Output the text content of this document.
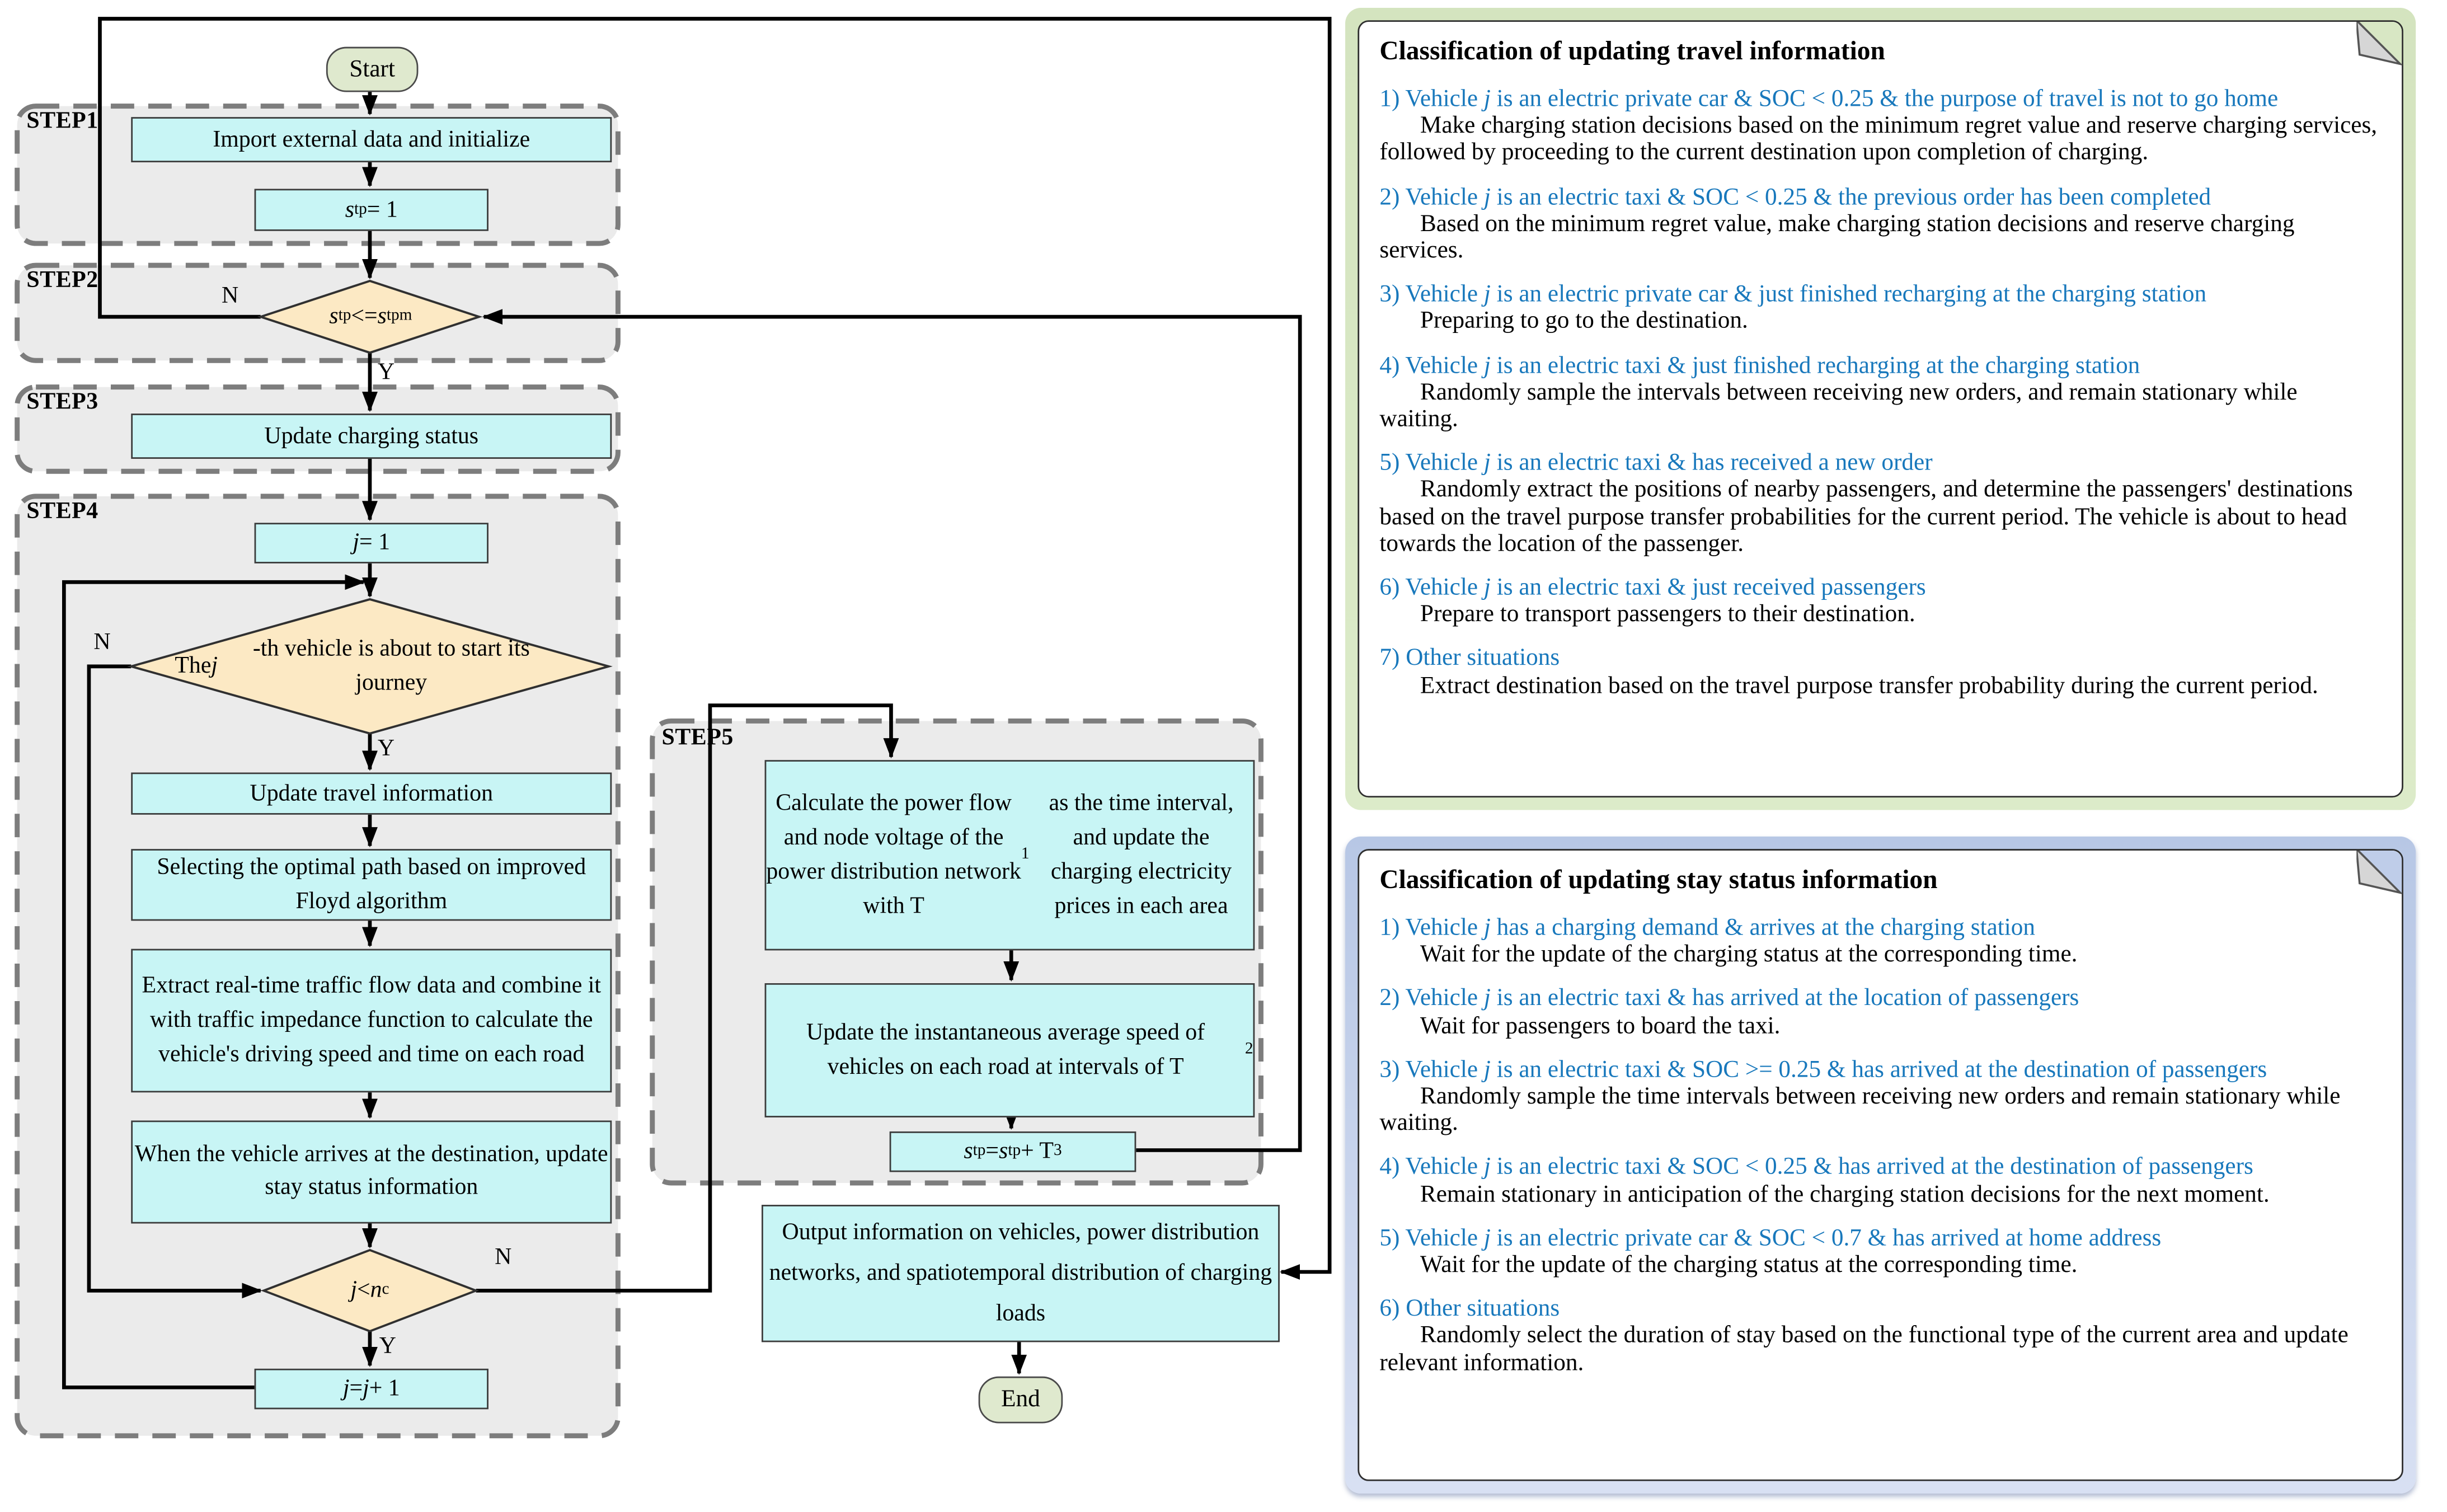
STEP1
STEP2
STEP3
STEP4
STEP5
Start
Import external data and initialize
s tp = 1
s tp <= s tpm
Update charging status
j = 1
The j
-th vehicle is about to start its journey
Update travel information
Selecting the optimal path based on improved Floyd algorithm
Extract real-time traffic flow data and combine it with traffic impedance function to calculate the vehicle's driving speed and time on each road
When the vehicle arrives at the destination, update stay status information
j < n c
j = j + 1
Calculate the power flow and node voltage of the power distribution network with T
1
as the time interval, and update the charging electricity prices in each area
Update the instantaneous average speed of vehicles on each road at intervals of T
2
s tp = s tp + T 3
Output information on vehicles, power distribution networks, and spatiotemporal distribution of charging loads
End
N
Y
N
Y
N
Y
Classification of updating travel information
1) Vehicle j is an electric private car & SOC < 0.25 & the purpose of travel is not to go home
Make charging station decisions based on the minimum regret value and reserve charging services, followed by proceeding to the current destination upon completion of charging.
2) Vehicle j is an electric taxi & SOC < 0.25 & the previous order has been completed
Based on the minimum regret value, make charging station decisions and reserve charging services.
3) Vehicle j is an electric private car & just finished recharging at the charging station
Preparing to go to the destination.
4) Vehicle j is an electric taxi & just finished recharging at the charging station
Randomly sample the intervals between receiving new orders, and remain stationary while waiting.
5) Vehicle j is an electric taxi & has received a new order
Randomly extract the positions of nearby passengers, and determine the passengers' destinations based on the travel purpose transfer probabilities for the current period. The vehicle is about to head towards the location of the passenger.
6) Vehicle j is an electric taxi & just received passengers
Prepare to transport passengers to their destination.
7) Other situations
Extract destination based on the travel purpose transfer probability during the current period.
Classification of updating stay status information
1) Vehicle j has a charging demand & arrives at the charging station
Wait for the update of the charging status at the corresponding time.
2) Vehicle j is an electric taxi & has arrived at the location of passengers
Wait for passengers to board the taxi.
3) Vehicle j is an electric taxi & SOC >= 0.25 & has arrived at the destination of passengers
Randomly sample the time intervals between receiving new orders and remain stationary while waiting.
4) Vehicle j is an electric taxi & SOC < 0.25 & has arrived at the destination of passengers
Remain stationary in anticipation of the charging station decisions for the next moment.
5) Vehicle j is an electric private car & SOC < 0.7 & has arrived at home address
Wait for the update of the charging status at the corresponding time.
6) Other situations
Randomly select the duration of stay based on the functional type of the current area and update relevant information.
